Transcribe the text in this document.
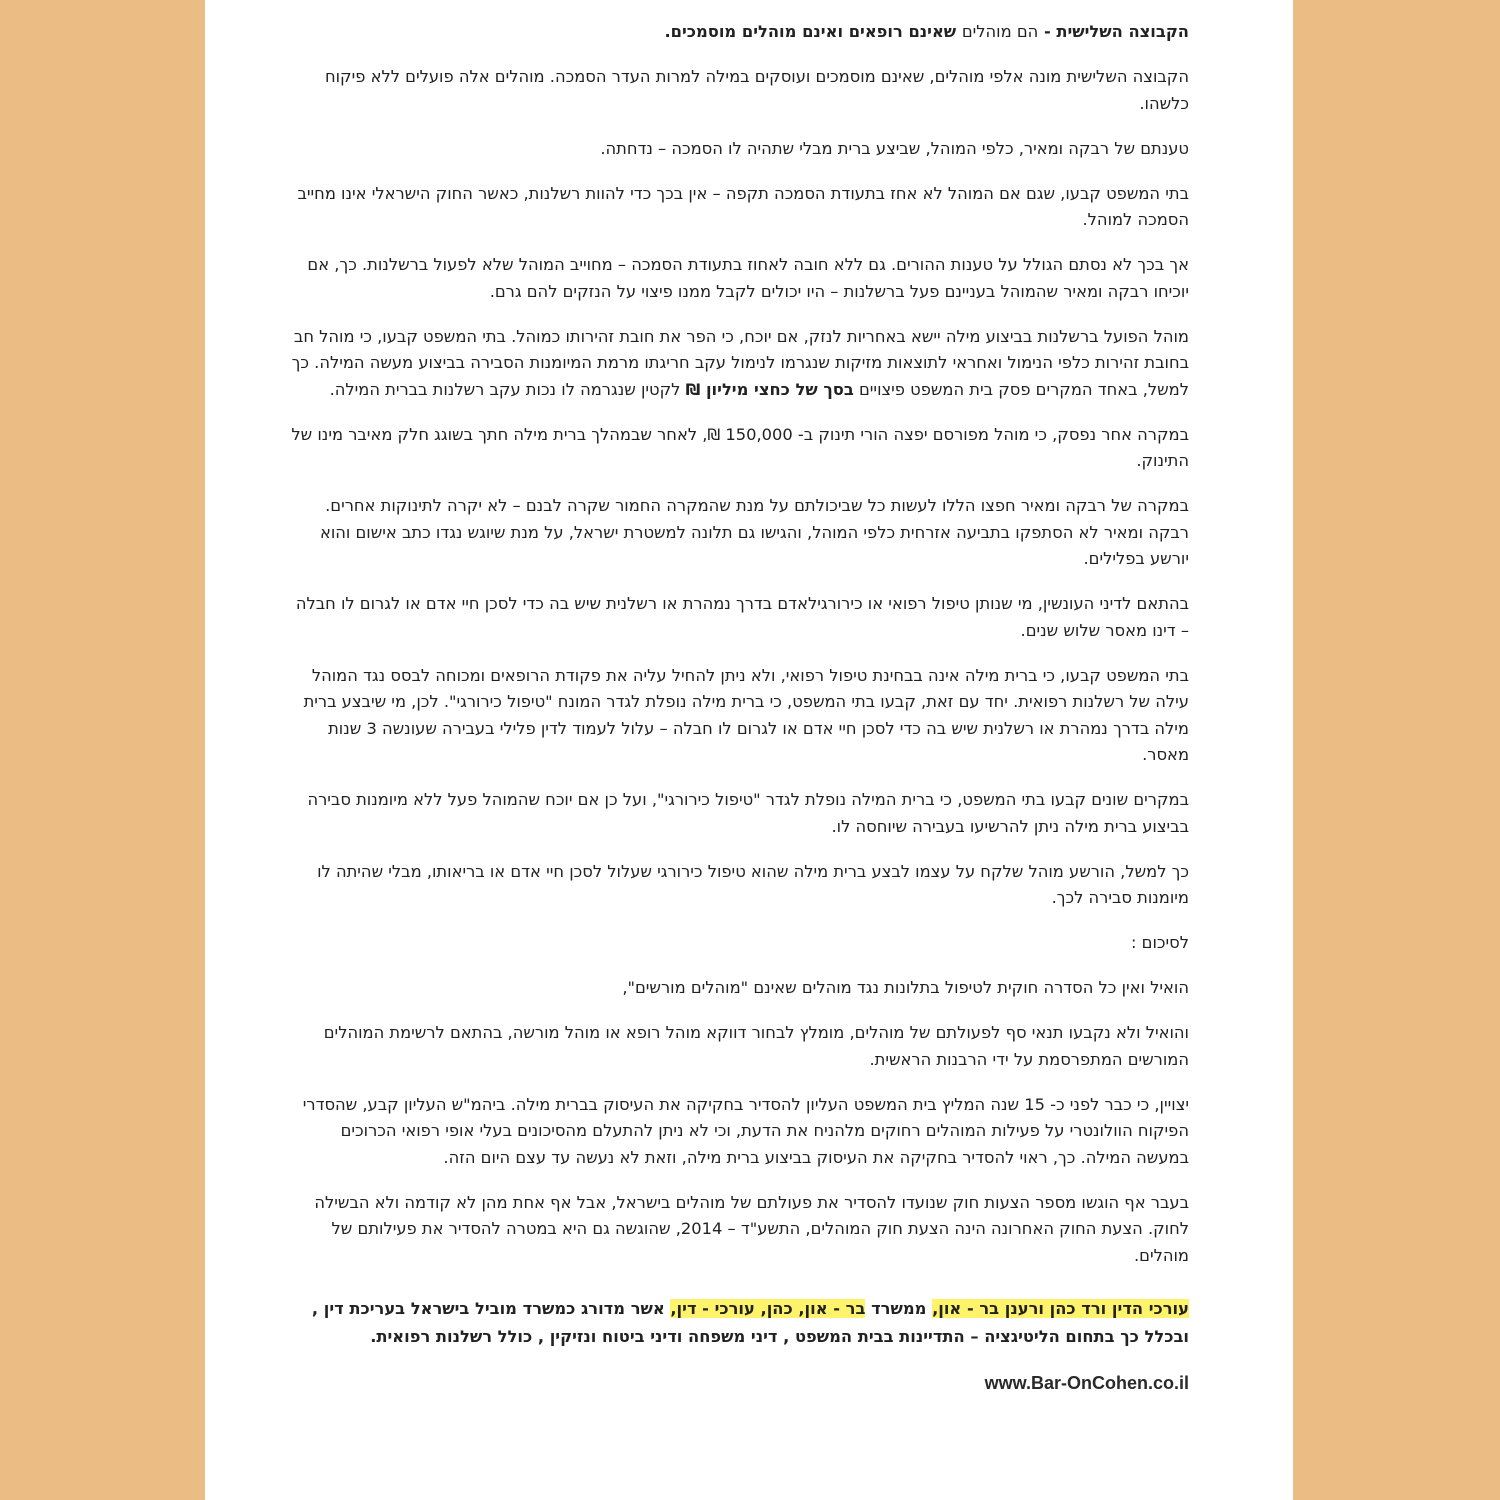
הקבוצה השלישית - הם מוהלים שאינם רופאים ואינם מוהלים מוסמכים.

הקבוצה השלישית מונה אלפי מוהלים, שאינם מוסמכים ועוסקים במילה למרות העדר הסמכה. מוהלים אלה פועלים ללא פיקוח כלשהו.

טענתם של רבקה ומאיר, כלפי המוהל, שביצע ברית מבלי שתהיה לו הסמכה – נדחתה.

בתי המשפט קבעו, שגם אם המוהל לא אחז בתעודת הסמכה תקפה – אין בכך כדי להוות רשלנות, כאשר החוק הישראלי אינו מחייב הסמכה למוהל.

אך בכך לא נסתם הגולל על טענות ההורים. גם ללא חובה לאחוז בתעודת הסמכה – מחוייב המוהל שלא לפעול ברשלנות. כך, אם יוכיחו רבקה ומאיר שהמוהל בעניינם פעל ברשלנות – היו יכולים לקבל ממנו פיצוי על הנזקים להם גרם.

מוהל הפועל ברשלנות בביצוע מילה יישא באחריות לנזק, אם יוכח, כי הפר את חובת זהירותו כמוהל. בתי המשפט קבעו, כי מוהל חב בחובת זהירות כלפי הנימול ואחראי לתוצאות מזיקות שנגרמו לנימול עקב חריגתו מרמת המיומנות הסבירה בביצוע מעשה המילה. כך למשל, באחד המקרים פסק בית המשפט פיצויים בסך של כחצי מיליון ₪ לקטין שנגרמה לו נכות עקב רשלנות בברית המילה.

במקרה אחר נפסק, כי מוהל מפורסם יפצה הורי תינוק ב- 150,000 ₪, לאחר שבמהלך ברית מילה חתך בשוגג חלק מאיבר מינו של התינוק.

במקרה של רבקה ומאיר חפצו הללו לעשות כל שביכולתם על מנת שהמקרה החמור שקרה לבנם – לא יקרה לתינוקות אחרים. רבקה ומאיר לא הסתפקו בתביעה אזרחית כלפי המוהל, והגישו גם תלונה למשטרת ישראל, על מנת שיוגש נגדו כתב אישום והוא יורשע בפלילים.

בהתאם לדיני העונשין, מי שנותן טיפול רפואי או כירורגילאדם בדרך נמהרת או רשלנית שיש בה כדי לסכן חיי אדם או לגרום לו חבלה – דינו מאסר שלוש שנים.

בתי המשפט קבעו, כי ברית מילה אינה בבחינת טיפול רפואי, ולא ניתן להחיל עליה את פקודת הרופאים ומכוחה לבסס נגד המוהל עילה של רשלנות רפואית. יחד עם זאת, קבעו בתי המשפט, כי ברית מילה נופלת לגדר המונח "טיפול כירורגי". לכן, מי שיבצע ברית מילה בדרך נמהרת או רשלנית שיש בה כדי לסכן חיי אדם או לגרום לו חבלה – עלול לעמוד לדין פלילי בעבירה שעונשה 3 שנות מאסר.

במקרים שונים קבעו בתי המשפט, כי ברית המילה נופלת לגדר "טיפול כירורגי", ועל כן אם יוכח שהמוהל פעל ללא מיומנות סבירה בביצוע ברית מילה ניתן להרשיעו בעבירה שיוחסה לו.

כך למשל, הורשע מוהל שלקח על עצמו לבצע ברית מילה שהוא טיפול כירורגי שעלול לסכן חיי אדם או בריאותו, מבלי שהיתה לו מיומנות סבירה לכך.

לסיכום :

הואיל ואין כל הסדרה חוקית לטיפול בתלונות נגד מוהלים שאינם "מוהלים מורשים",

והואיל ולא נקבעו תנאי סף לפעולתם של מוהלים, מומלץ לבחור דווקא מוהל רופא או מוהל מורשה, בהתאם לרשימת המוהלים המורשים המתפרסמת על ידי הרבנות הראשית.

יצויין, כי כבר לפני כ- 15 שנה המליץ בית המשפט העליון להסדיר בחקיקה את העיסוק בברית מילה. ביהמ"ש העליון קבע, שהסדרי הפיקוח הוולונטרי על פעילות המוהלים רחוקים מלהניח את הדעת, וכי לא ניתן להתעלם מהסיכונים בעלי אופי רפואי הכרוכים במעשה המילה. כך, ראוי להסדיר בחקיקה את העיסוק בביצוע ברית מילה, וזאת לא נעשה עד עצם היום הזה.

בעבר אף הוגשו מספר הצעות חוק שנועדו להסדיר את פעולתם של מוהלים בישראל, אבל אף אחת מהן לא קודמה ולא הבשילה לחוק. הצעת החוק האחרונה הינה הצעת חוק המוהלים, התשע"ד – 2014, שהוגשה גם היא במטרה להסדיר את פעילותם של מוהלים.

עורכי הדין ורד כהן ורענן בר - און, ממשרד בר - און, כהן, עורכי - דין, אשר מדורג כמשרד מוביל בישראל בעריכת דין , ובכלל כך בתחום הליטיגציה – התדיינות בבית המשפט , דיני משפחה ודיני ביטוח ונזיקין , כולל רשלנות רפואית.

www.Bar-OnCohen.co.il
